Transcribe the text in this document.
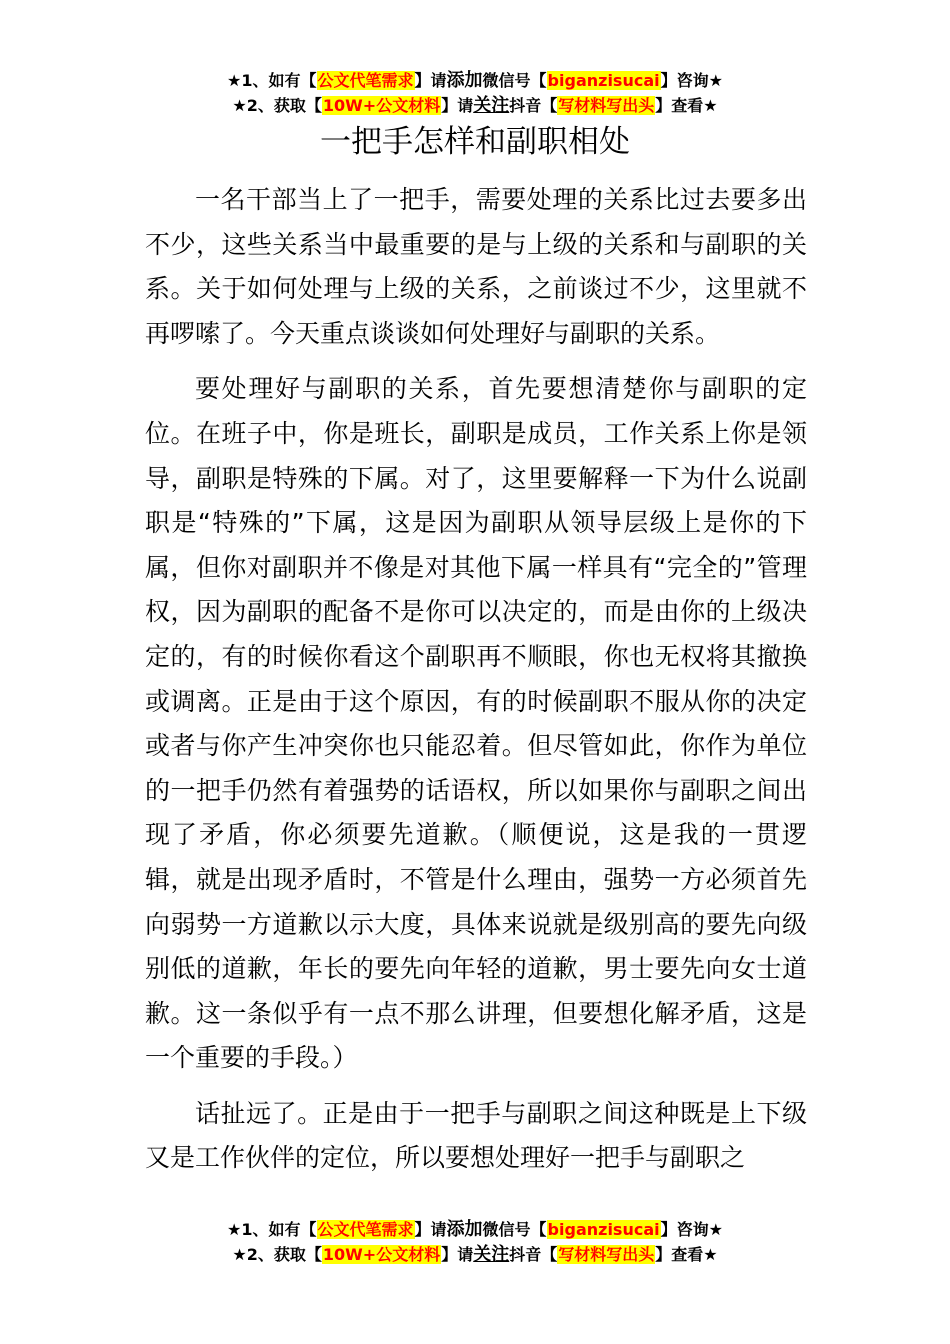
★1、如有【公文代笔需求】请添加微信号【biganzisucai】咨询★
★2、获取【10W+公文材料】请关注抖音【写材料写出头】查看★
一把手怎样和副职相处

一名干部当上了一把手，需要处理的关系比过去要多出不少，这些关系当中最重要的是与上级的关系和与副职的关系。关于如何处理与上级的关系，之前谈过不少，这里就不再啰嗦了。今天重点谈谈如何处理好与副职的关系。

要处理好与副职的关系，首先要想清楚你与副职的定位。在班子中，你是班长，副职是成员，工作关系上你是领导，副职是特殊的下属。对了，这里要解释一下为什么说副职是“特殊的”下属，这是因为副职从领导层级上是你的下属，但你对副职并不像是对其他下属一样具有“完全的”管理权，因为副职的配备不是你可以决定的，而是由你的上级决定的，有的时候你看这个副职再不顺眼，你也无权将其撤换或调离。正是由于这个原因，有的时候副职不服从你的决定或者与你产生冲突你也只能忍着。但尽管如此，你作为单位的一把手仍然有着强势的话语权，所以如果你与副职之间出现了矛盾，你必须要先道歉。（顺便说，这是我的一贯逻辑，就是出现矛盾时，不管是什么理由，强势一方必须首先向弱势一方道歉以示大度，具体来说就是级别高的要先向级别低的道歉，年长的要先向年轻的道歉，男士要先向女士道歉。这一条似乎有一点不那么讲理，但要想化解矛盾，这是一个重要的手段。）

话扯远了。正是由于一把手与副职之间这种既是上下级又是工作伙伴的定位，所以要想处理好一把手与副职之

★1、如有【公文代笔需求】请添加微信号【biganzisucai】咨询★
★2、获取【10W+公文材料】请关注抖音【写材料写出头】查看★
